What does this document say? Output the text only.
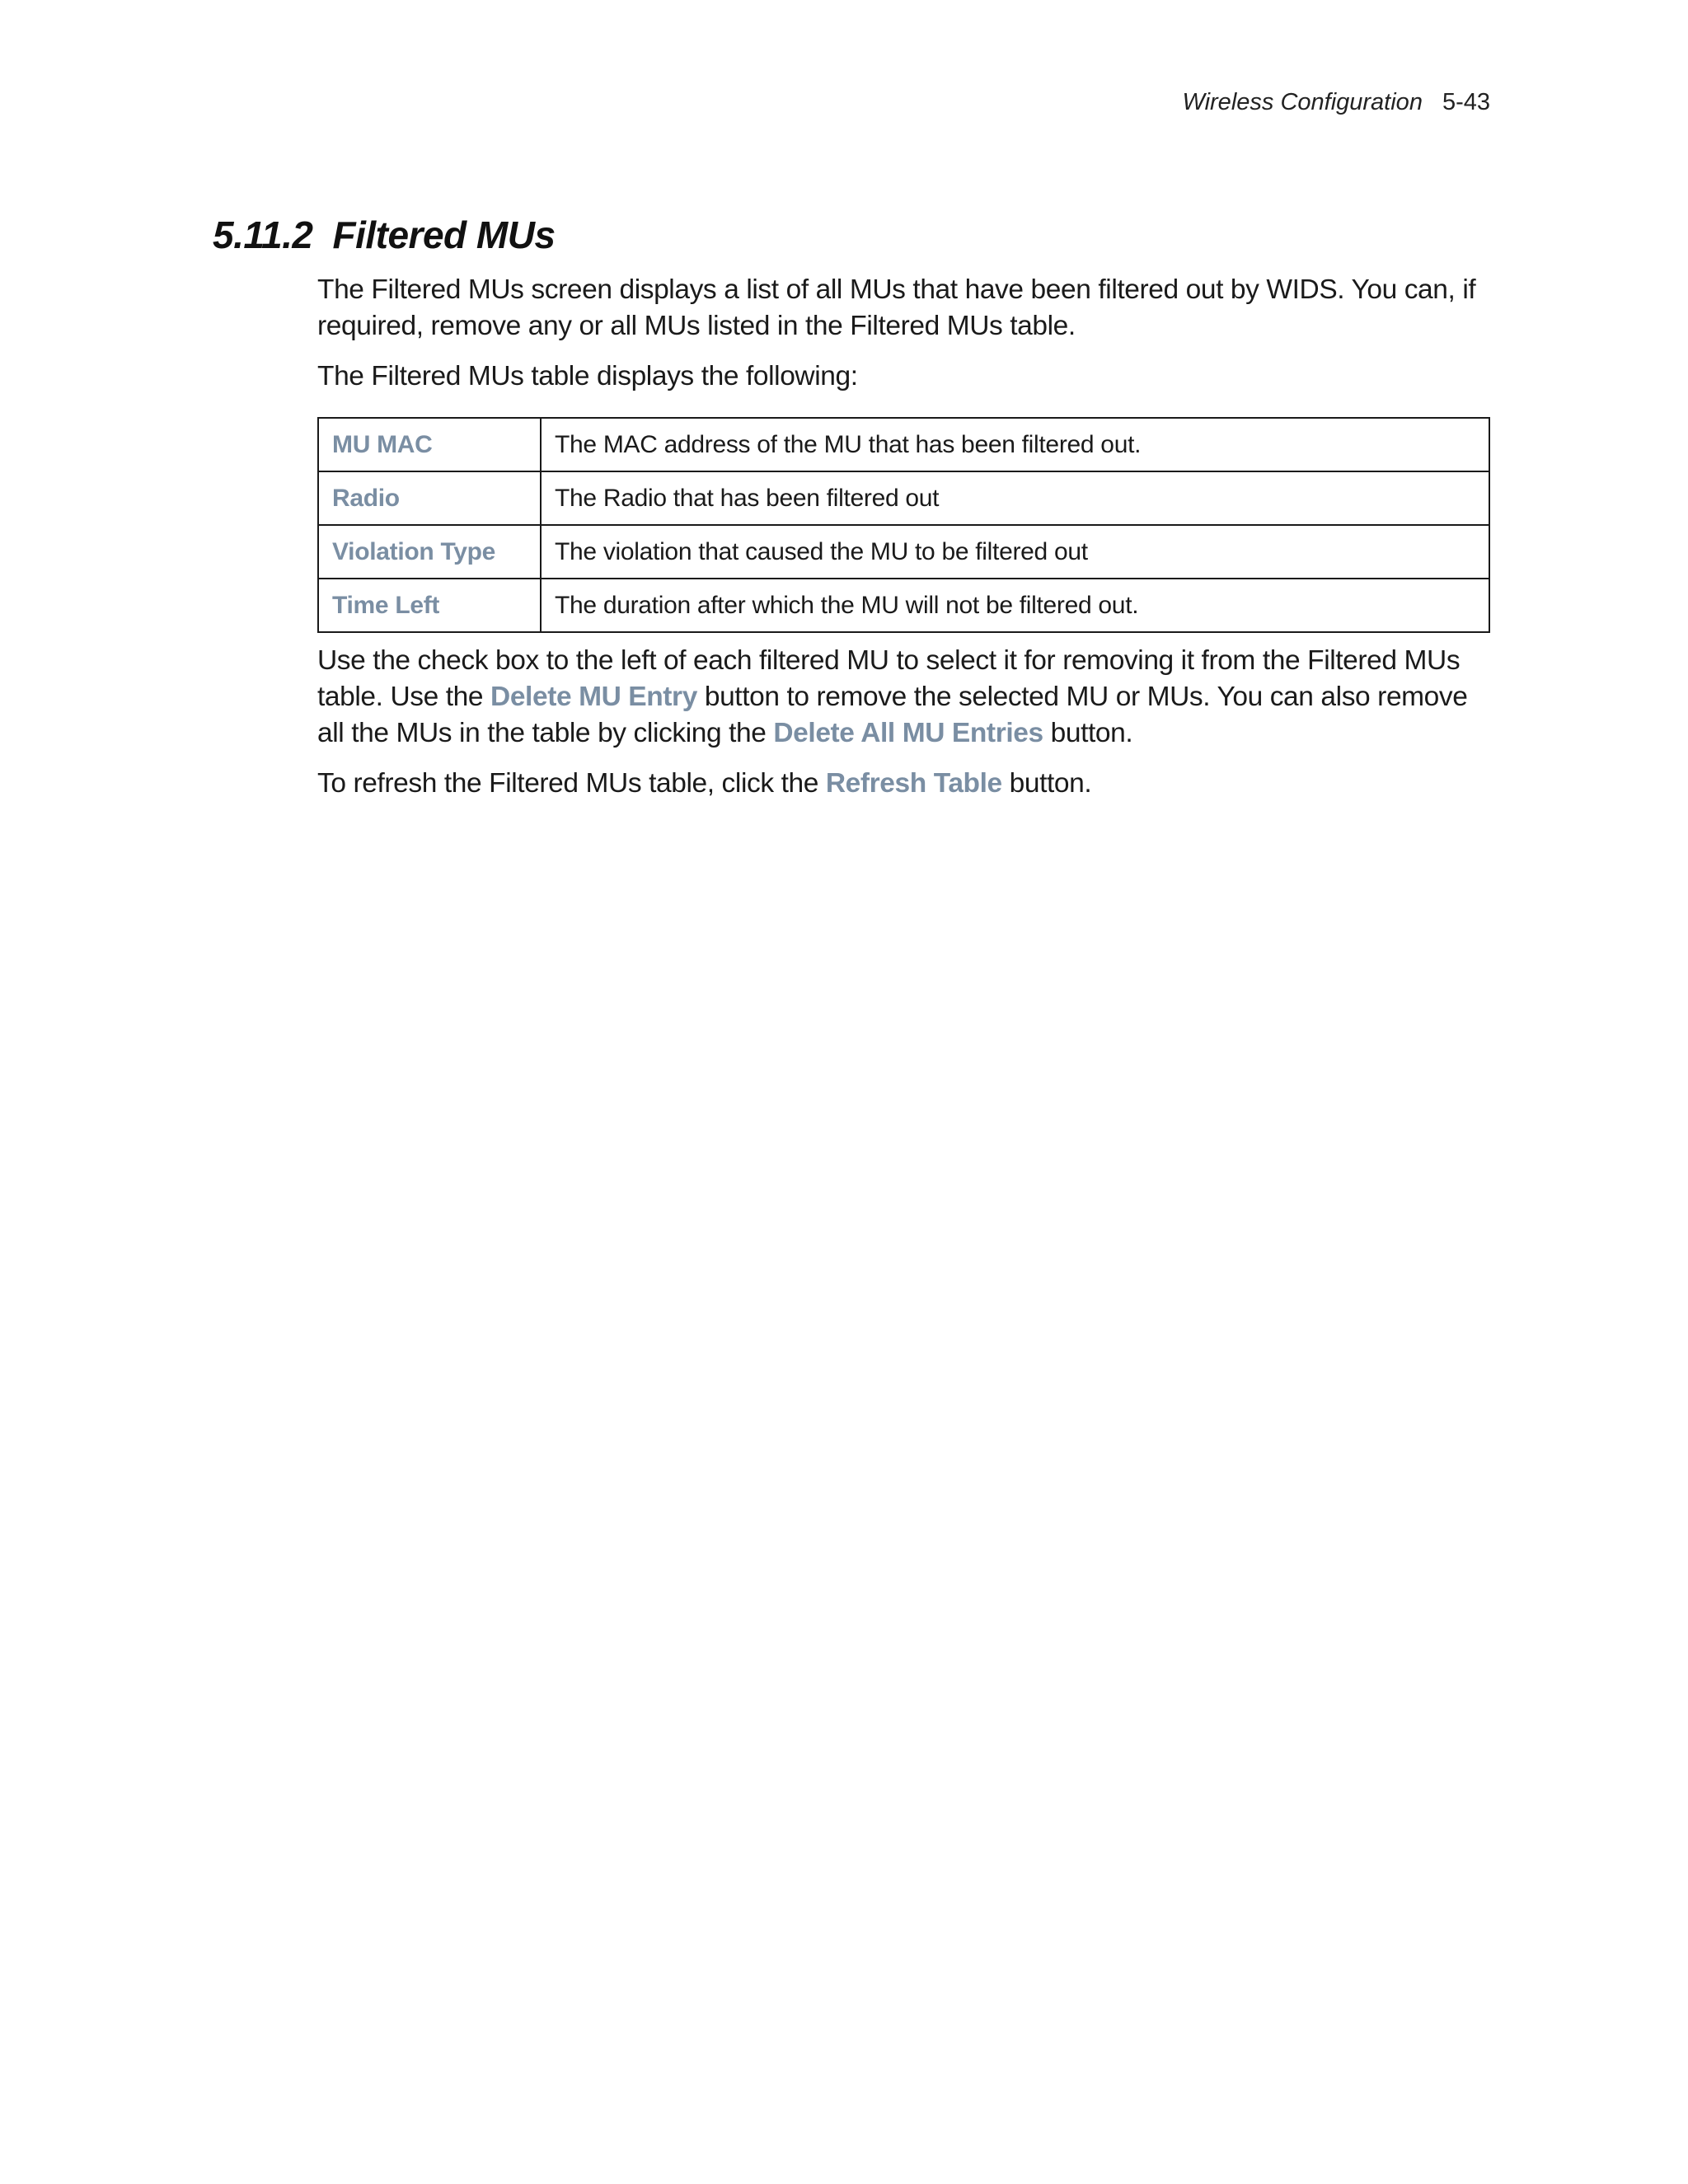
Wireless Configuration 5-43
5.11.2 Filtered MUs

The Filtered MUs screen displays a list of all MUs that have been filtered out by WIDS. You can, if required, remove any or all MUs listed in the Filtered MUs table.

The Filtered MUs table displays the following:

MU MAC	The MAC address of the MU that has been filtered out.
Radio	The Radio that has been filtered out
Violation Type	The violation that caused the MU to be filtered out
Time Left	The duration after which the MU will not be filtered out.

Use the check box to the left of each filtered MU to select it for removing it from the Filtered MUs table. Use the Delete MU Entry button to remove the selected MU or MUs. You can also remove all the MUs in the table by clicking the Delete All MU Entries button.

To refresh the Filtered MUs table, click the Refresh Table button.
